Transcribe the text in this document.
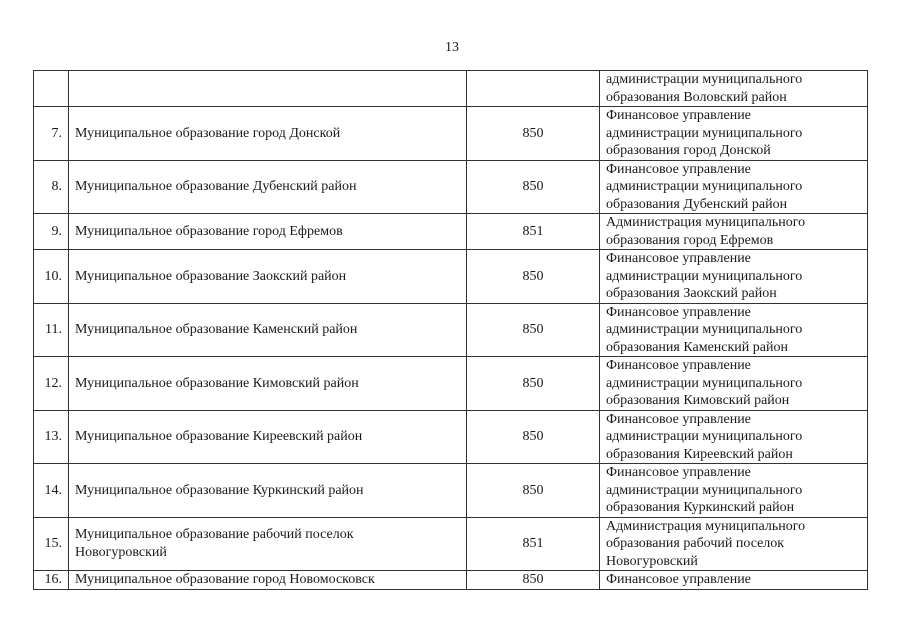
13

			администрации муниципального
образования Воловский район

7.	Муниципальное образование город Донской	850	Финансовое управление
администрации муниципального
образования город Донской

8.	Муниципальное образование Дубенский район	850	Финансовое управление
администрации муниципального
образования Дубенский район

9.	Муниципальное образование город Ефремов	851	Администрация муниципального
образования город Ефремов

10.	Муниципальное образование Заокский район	850	Финансовое управление
администрации муниципального
образования Заокский район

11.	Муниципальное образование Каменский район	850	Финансовое управление
администрации муниципального
образования Каменский район

12.	Муниципальное образование Кимовский район	850	Финансовое управление
администрации муниципального
образования Кимовский район

13.	Муниципальное образование Киреевский район	850	Финансовое управление
администрации муниципального
образования Киреевский район

14.	Муниципальное образование Куркинский район	850	Финансовое управление
администрации муниципального
образования Куркинский район

15.	Муниципальное образование рабочий поселок
Новогуровский	851	Администрация муниципального
образования рабочий поселок
Новогуровский

16.	Муниципальное образование город Новомосковск	850	Финансовое управление
